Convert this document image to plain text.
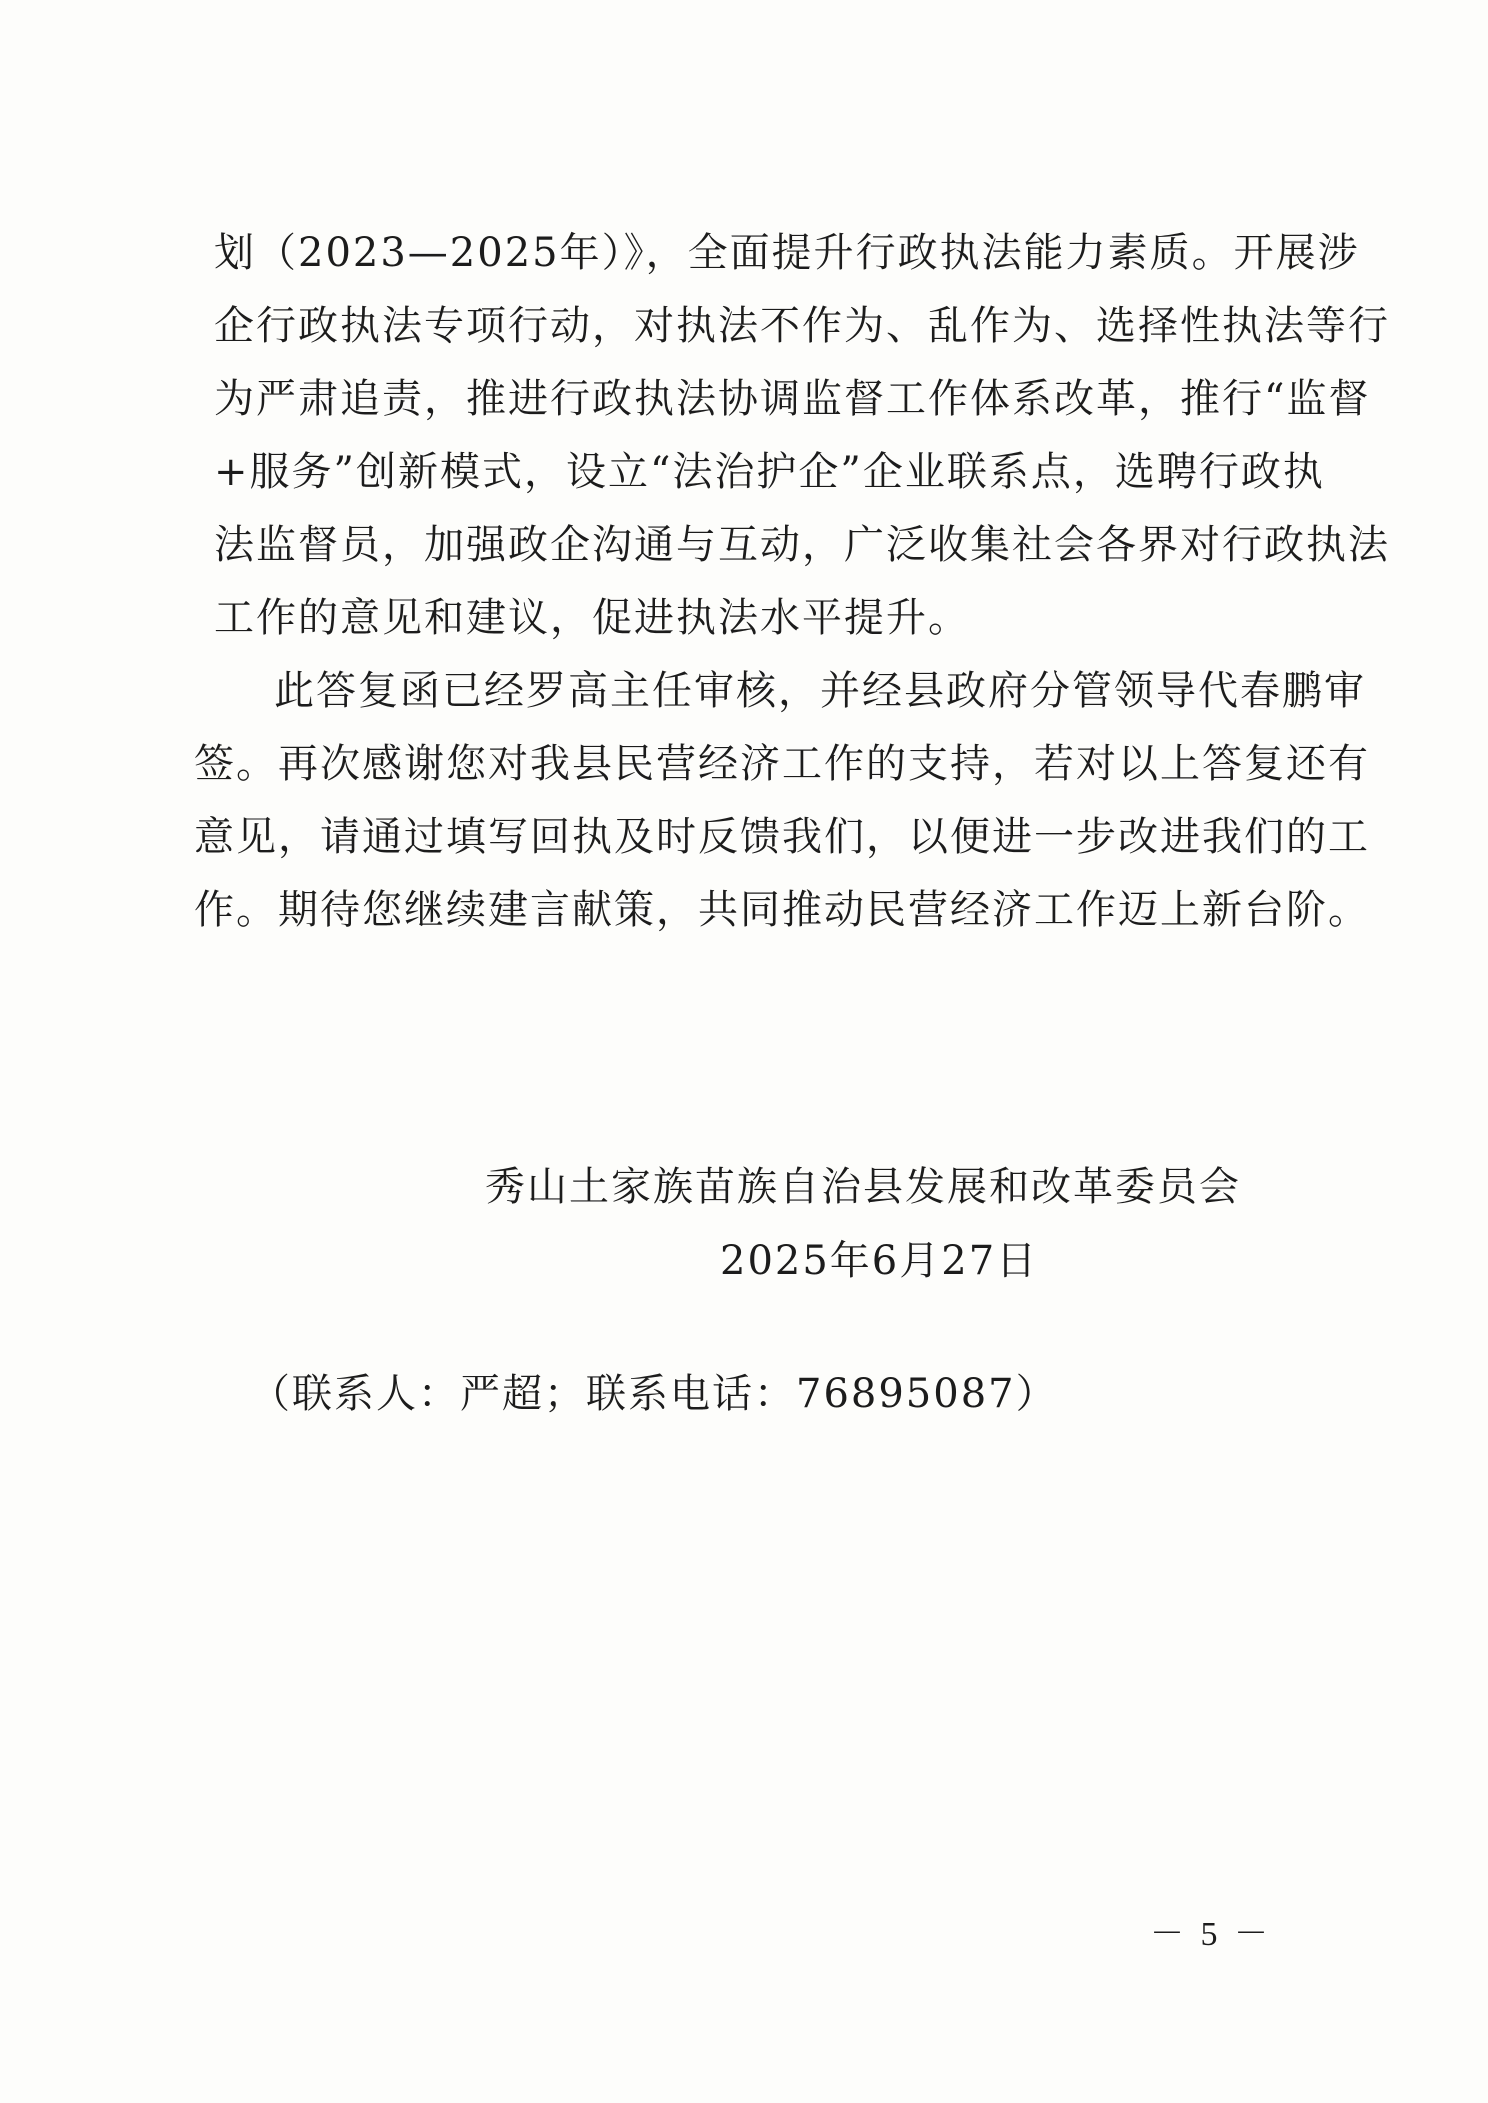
划（2023—2025年）》，全面提升行政执法能力素质。开展涉
企行政执法专项行动，对执法不作为、乱作为、选择性执法等行
为严肃追责，推进行政执法协调监督工作体系改革，推行“监督
+服务”创新模式，设立“法治护企”企业联系点，选聘行政执
法监督员，加强政企沟通与互动，广泛收集社会各界对行政执法
工作的意见和建议，促进执法水平提升。
此答复函已经罗高主任审核，并经县政府分管领导代春鹏审
签。再次感谢您对我县民营经济工作的支持，若对以上答复还有
意见，请通过填写回执及时反馈我们，以便进一步改进我们的工
作。期待您继续建言献策，共同推动民营经济工作迈上新台阶。
秀山土家族苗族自治县发展和改革委员会
2025年6月27日
（联系人：严超；联系电话：76895087）
－ 5 －
